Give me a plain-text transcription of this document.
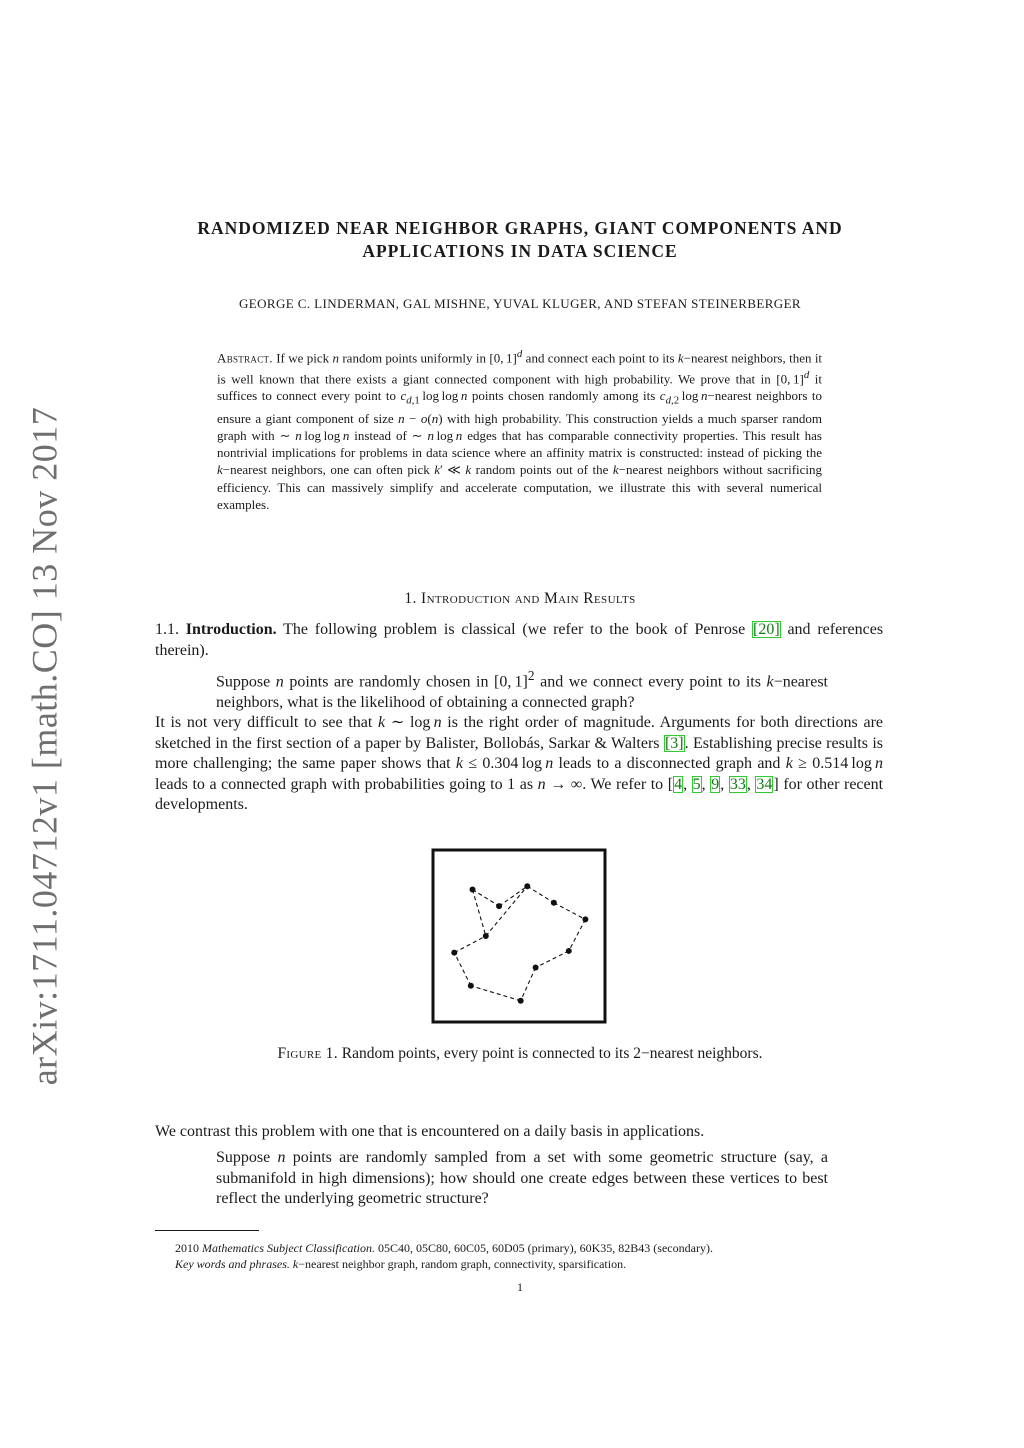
arXiv:1711.04712v1 [math.CO] 13 Nov 2017
RANDOMIZED NEAR NEIGHBOR GRAPHS, GIANT COMPONENTS AND
APPLICATIONS IN DATA SCIENCE
GEORGE C. LINDERMAN, GAL MISHNE, YUVAL KLUGER, AND STEFAN STEINERBERGER
Abstract. If we pick n random points uniformly in [0, 1]$^d$ and connect each point to its k−nearest neighbors, then it is well known that there exists a giant connected component with high probability. We prove that in [0, 1]$^d$ it suffices to connect every point to $c_{d,1}$ log log n points chosen randomly among its $c_{d,2}$ log n−nearest neighbors to ensure a giant component of size n − o(n) with high probability. This construction yields a much sparser random graph with ∼ n log log n instead of ∼ n log n edges that has comparable connectivity properties. This result has nontrivial implications for problems in data science where an affinity matrix is constructed: instead of picking the k−nearest neighbors, one can often pick k′ ≪ k random points out of the k−nearest neighbors without sacrificing efficiency. This can massively simplify and accelerate computation, we illustrate this with several numerical examples.
1. Introduction and Main Results
1.1. Introduction. The following problem is classical (we refer to the book of Penrose [20] and references therein).
Suppose n points are randomly chosen in [0, 1]$^2$ and we connect every point to its k−nearest neighbors, what is the likelihood of obtaining a connected graph?
It is not very difficult to see that k ∼ log n is the right order of magnitude. Arguments for both directions are sketched in the first section of a paper by Balister, Bollobás, Sarkar & Walters [3]. Establishing precise results is more challenging; the same paper shows that k ≤ 0.304 log n leads to a disconnected graph and k ≥ 0.514 log n leads to a connected graph with probabilities going to 1 as n → ∞. We refer to [4, 5, 9, 33, 34] for other recent developments.
Figure 1. Random points, every point is connected to its 2−nearest neighbors.
We contrast this problem with one that is encountered on a daily basis in applications.
Suppose n points are randomly sampled from a set with some geometric structure (say, a submanifold in high dimensions); how should one create edges between these vertices to best reflect the underlying geometric structure?
2010 Mathematics Subject Classification. 05C40, 05C80, 60C05, 60D05 (primary), 60K35, 82B43 (secondary).
Key words and phrases. k−nearest neighbor graph, random graph, connectivity, sparsification.
1
